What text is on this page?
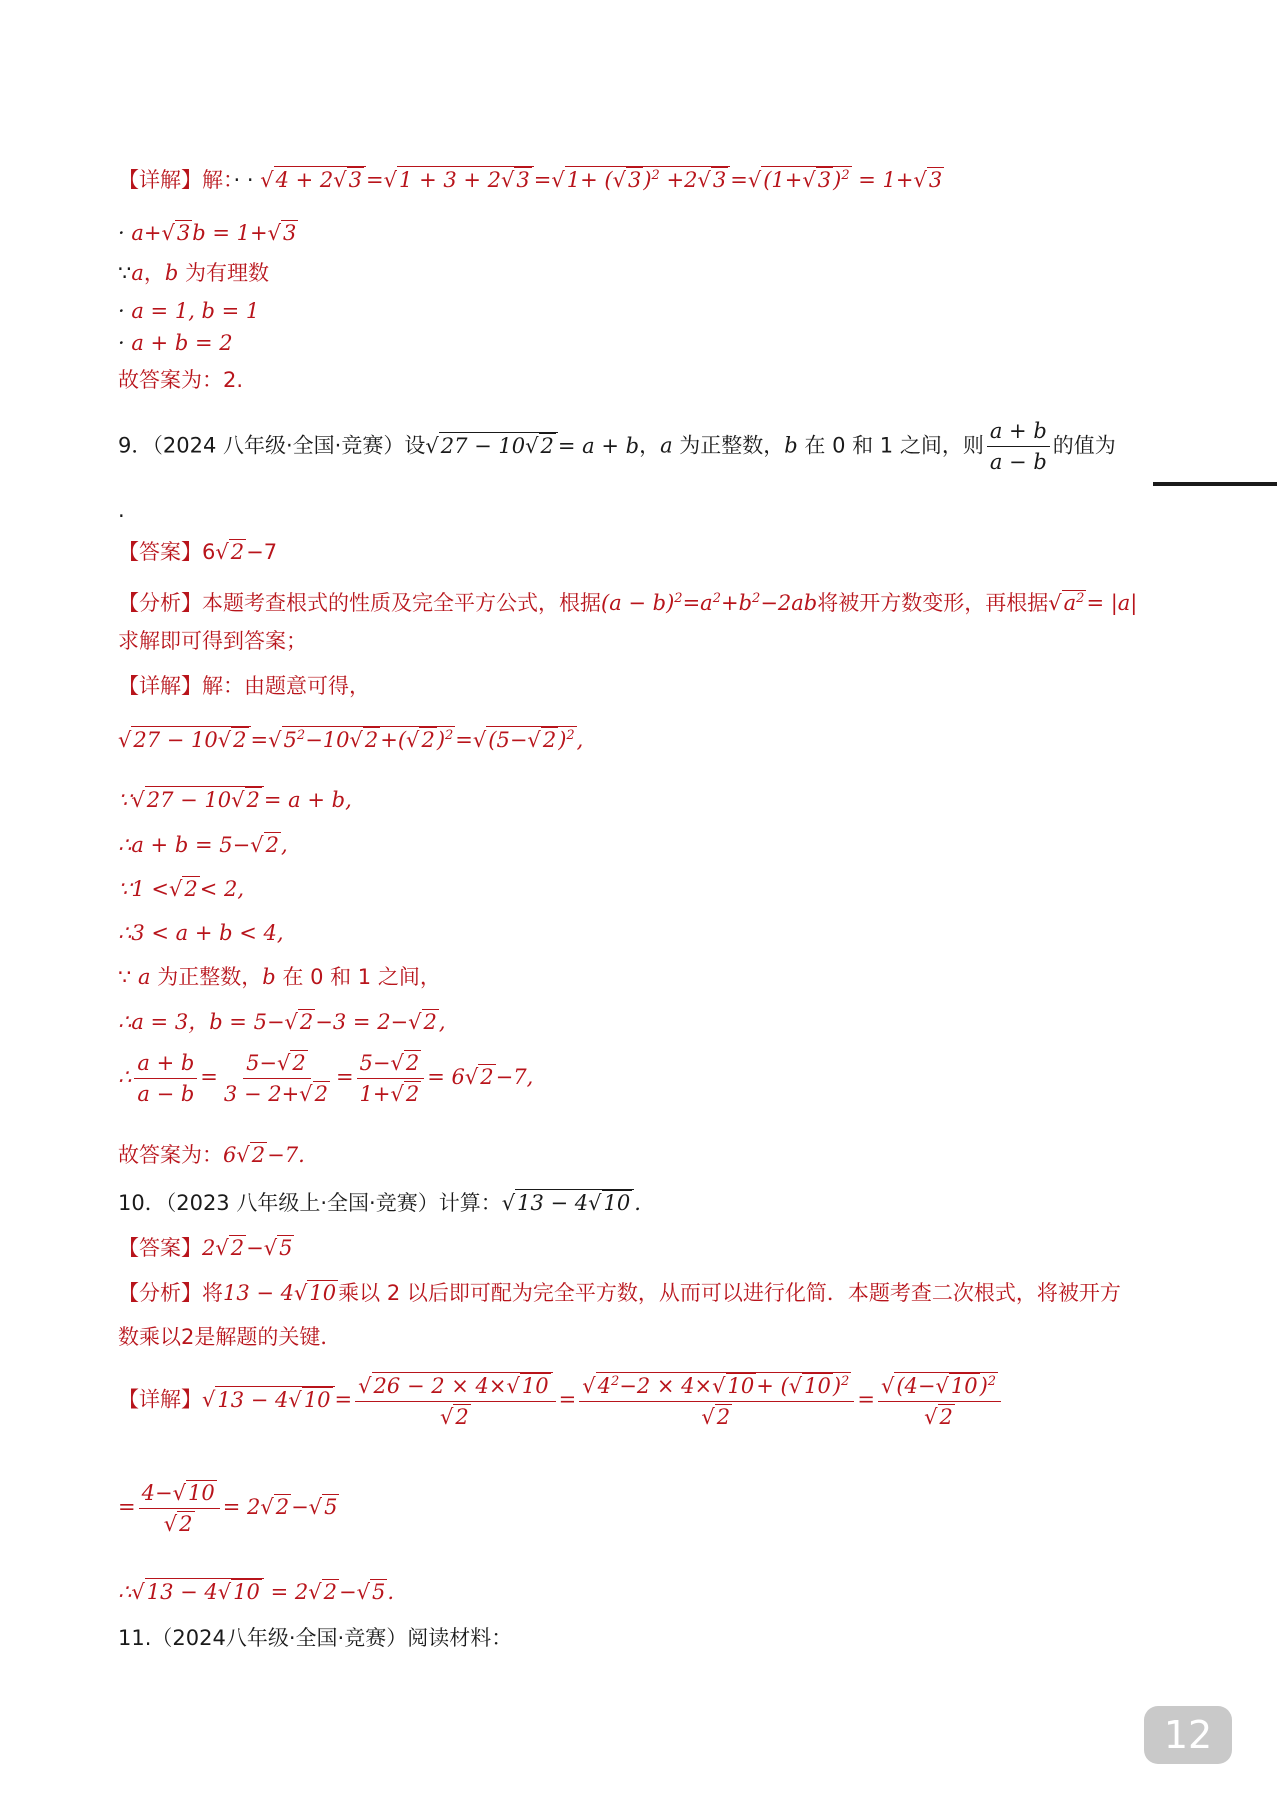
【详解】解：· · $√4 + 2√3 =√1 + 3 + 2√3 =√1+ (√3)^2 +2√3 =√(1+√3)^2 = 1+√3$
· a+√3b = 1+√3
∵a，b 为有理数
· a = 1, b = 1
· a + b = 2
故答案为：2.
9．（2024 八年级·全国·竞赛）设√27 − 10√2 = a + b，a 为正整数，b 在 0 和 1 之间，则 $\frac{a + b}{a - b}$ 的值为
.
【答案】6√2−7
【分析】本题考查根式的性质及完全平方公式，根据$(a - b)^2=a^2+b^2-2ab$将被开方数变形，再根据$√a^2= |a|$
求解即可得到答案；
【详解】解：由题意可得，
$√27 - 10√2 =√5^2-10√2+(√2)^2=√(5-√2)^2$,
∵√27 − 10√2 = a + b,
∴a + b = 5−√2,
∵1 <√2< 2,
∴3 < a + b < 4,
∵ a 为正整数，b 在 0 和 1 之间，
∴a = 3，b = 5−√2−3 = 2−√2,
∴ $\frac{a + b}{a - b} = \frac{5-√2}{3 - 2+√2} = \frac{5-√2}{1+√2} = 6√2-7$,
故答案为：6√2−7.
10．（2023 八年级上·全国·竞赛）计算：√13 − 4√10 .
【答案】2√2−√5
【分析】将13 − 4√10乘以 2 以后即可配为完全平方数，从而可以进行化简．本题考查二次根式，将被开方
数乘以2是解题的关键．
【详解】$√13 - 4√10 = \frac{√26 - 2 \times 4\times√10}{√2} = \frac{√4^2-2 \times 4\times√10+ (√10)^2}{√2} = \frac{√(4-√10)^2}{√2}$
= $\frac{4-√10}{√2} = 2√2-√5$
∴√13 − 4√10 = 2√2−√5.
11.（2024八年级·全国·竞赛）阅读材料：
12
